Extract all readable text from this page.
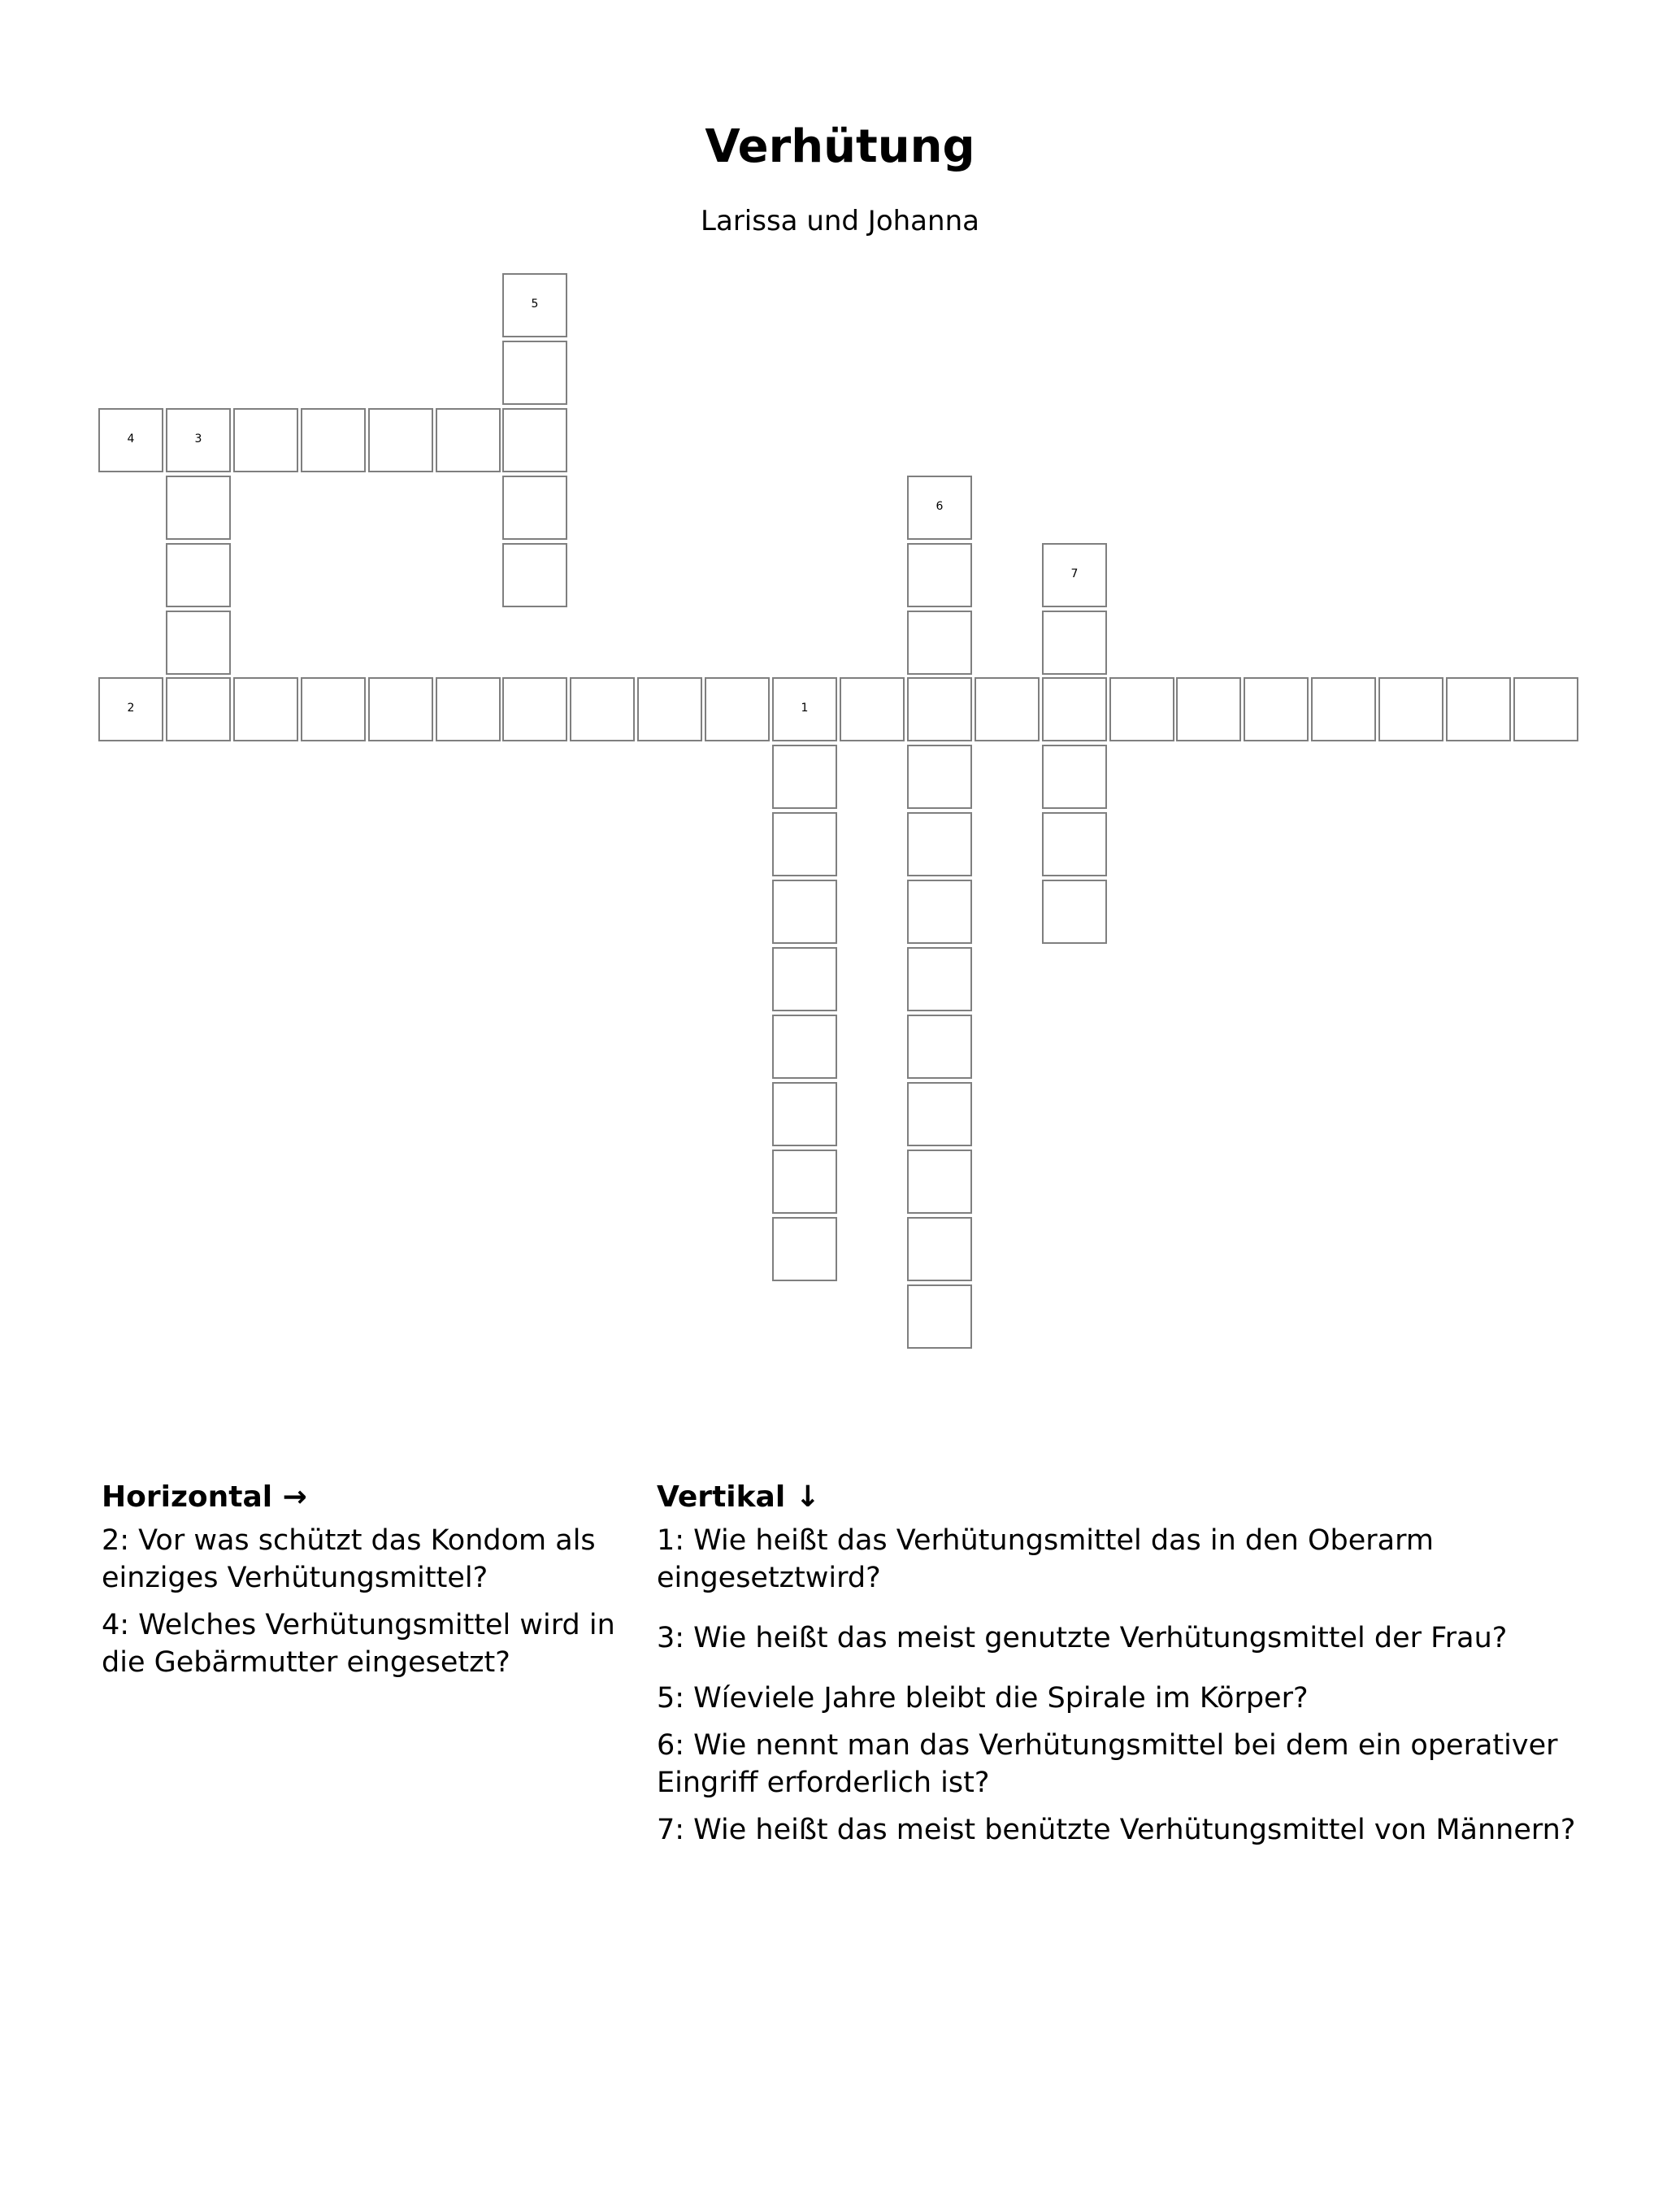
Verhütung
Larissa und Johanna
5
4	3
6
7
2	1
Horizontal →

2: Vor was schützt das Kondom als einziges Verhütungsmittel?

4: Welches Verhütungsmittel wird in die Gebärmutter eingesetzt?

Vertikal ↓

1: Wie heißt das Verhütungsmittel das in den Oberarm eingesetztwird?

3: Wie heißt das meist genutzte Verhütungsmittel der Frau?

5: Wíeviele Jahre bleibt die Spirale im Körper?

6: Wie nennt man das Verhütungsmittel bei dem ein operativer Eingriff erforderlich ist?

7: Wie heißt das meist benützte Verhütungsmittel von Männern?
